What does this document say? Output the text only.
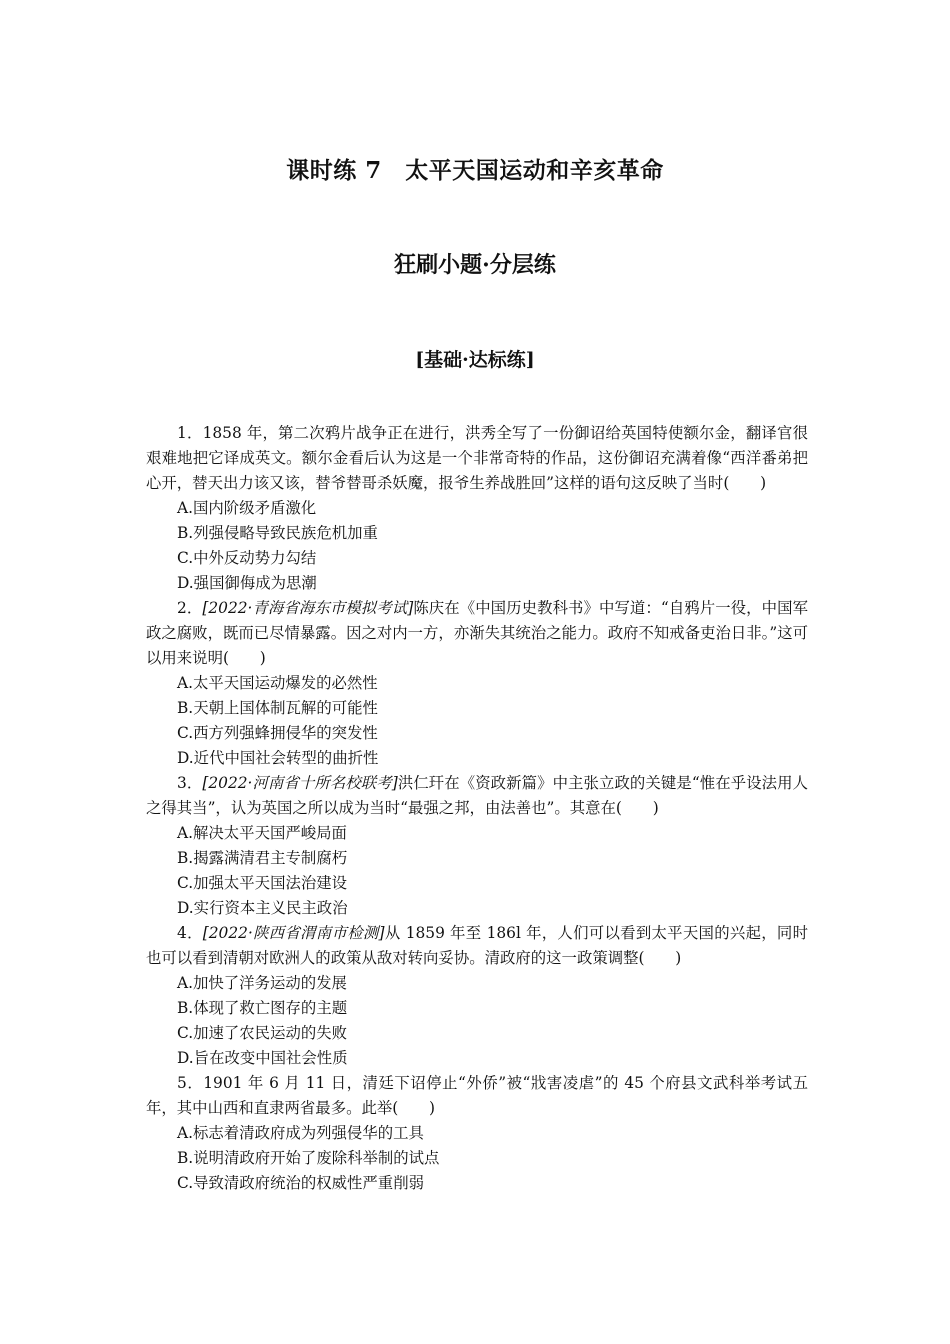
课时练 7　太平天国运动和辛亥革命
狂刷小题·分层练
[基础·达标练]

1．1858 年，第二次鸦片战争正在进行，洪秀全写了一份御诏给英国特使额尔金，翻译官很艰难地把它译成英文。额尔金看后认为这是一个非常奇特的作品，这份御诏充满着像“西洋番弟把心开，替天出力该又该，替爷替哥杀妖魔，报爷生养战胜回”这样的语句这反映了当时(　　)

A.国内阶级矛盾激化

B.列强侵略导致民族危机加重

C.中外反动势力勾结

D.强国御侮成为思潮

2．[2022·青海省海东市模拟考试]陈庆在《中国历史教科书》中写道：“自鸦片一役，中国军政之腐败，既而已尽情暴露。因之对内一方，亦渐失其统治之能力。政府不知戒备吏治日非。”这可以用来说明(　　)

A.太平天国运动爆发的必然性

B.天朝上国体制瓦解的可能性

C.西方列强蜂拥侵华的突发性

D.近代中国社会转型的曲折性

3．[2022·河南省十所名校联考]洪仁玕在《资政新篇》中主张立政的关键是“惟在乎设法用人之得其当”，认为英国之所以成为当时“最强之邦，由法善也”。其意在(　　)

A.解决太平天国严峻局面

B.揭露满清君主专制腐朽

C.加强太平天国法治建设

D.实行资本主义民主政治

4．[2022·陕西省渭南市检测]从 1859 年至 186l 年，人们可以看到太平天国的兴起，同时也可以看到清朝对欧洲人的政策从敌对转向妥协。清政府的这一政策调整(　　)

A.加快了洋务运动的发展

B.体现了救亡图存的主题

C.加速了农民运动的失败

D.旨在改变中国社会性质

5．1901 年 6 月 11 日，清廷下诏停止“外侨”被“戕害凌虐”的 45 个府县文武科举考试五年，其中山西和直隶两省最多。此举(　　)

A.标志着清政府成为列强侵华的工具

B.说明清政府开始了废除科举制的试点

C.导致清政府统治的权威性严重削弱
